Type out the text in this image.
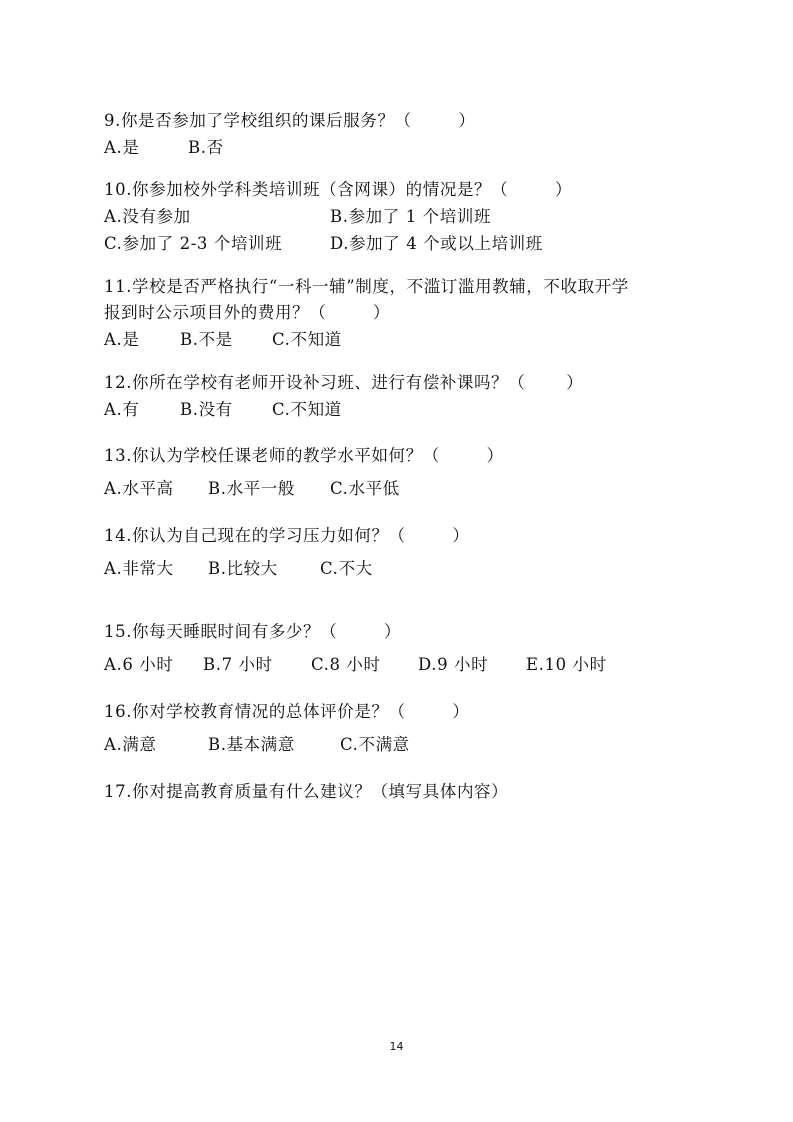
9.你是否参加了学校组织的课后服务？（        ）
A.是	B.否
10.你参加校外学科类培训班（含网课）的情况是？（        ）
A.没有参加	B.参加了 1 个培训班
C.参加了 2-3 个培训班	D.参加了 4 个或以上培训班
11.学校是否严格执行“一科一辅”制度，不滥订滥用教辅，不收取开学
报到时公示项目外的费用？（        ）
A.是 B.不是 C.不知道
12.你所在学校有老师开设补习班、进行有偿补课吗？（       ）
A.有 B.没有 C.不知道
13.你认为学校任课老师的教学水平如何？（        ）
A.水平高 B.水平一般 C.水平低
14.你认为自己现在的学习压力如何？（        ）
A.非常大 B.比较大	C.不大
15.你每天睡眠时间有多少？（        ）
A.6 小时 B.7 小时 C.8 小时 D.9 小时 E.10 小时
16.你对学校教育情况的总体评价是？（        ）
A.满意	B.基本满意	C.不满意
17.你对提高教育质量有什么建议？（填写具体内容）
14
